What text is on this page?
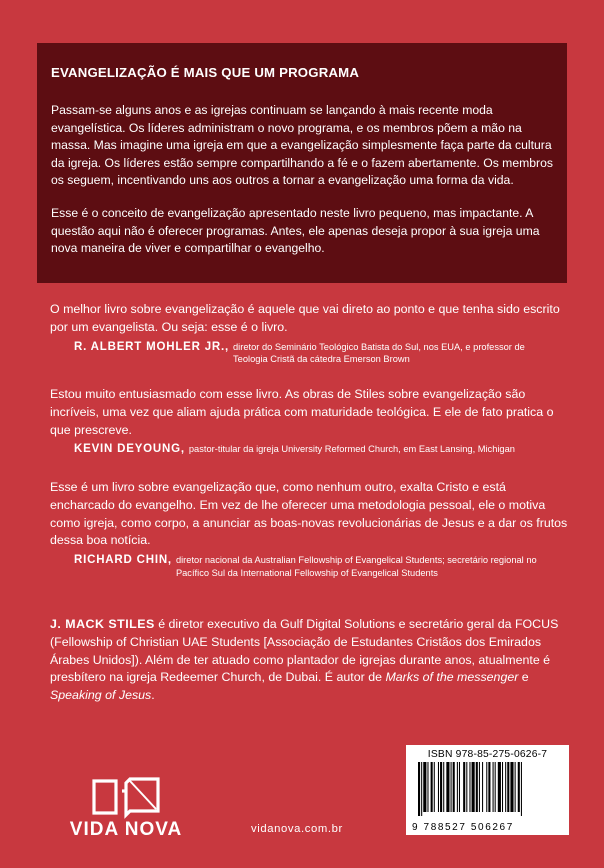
EVANGELIZAÇÃO É MAIS QUE UM PROGRAMA

Passam-se alguns anos e as igrejas continuam se lançando à mais recente moda evangelística. Os líderes administram o novo programa, e os membros põem a mão na massa. Mas imagine uma igreja em que a evangelização simplesmente faça parte da cultura da igreja. Os líderes estão sempre compartilhando a fé e o fazem abertamente. Os membros os seguem, incentivando uns aos outros a tornar a evangelização uma forma da vida.

Esse é o conceito de evangelização apresentado neste livro pequeno, mas impactante. A questão aqui não é oferecer programas. Antes, ele apenas deseja propor à sua igreja uma nova maneira de viver e compartilhar o evangelho.

O melhor livro sobre evangelização é aquele que vai direto ao ponto e que tenha sido escrito por um evangelista. Ou seja: esse é o livro.

R. ALBERT MOHLER JR., diretor do Seminário Teológico Batista do Sul, nos EUA, e professor de Teologia Cristã da cátedra Emerson Brown

Estou muito entusiasmado com esse livro. As obras de Stiles sobre evangelização são incríveis, uma vez que aliam ajuda prática com maturidade teológica. E ele de fato pratica o que prescreve.

KEVIN DEYOUNG, pastor-titular da igreja University Reformed Church, em East Lansing, Michigan

Esse é um livro sobre evangelização que, como nenhum outro, exalta Cristo e está encharcado do evangelho. Em vez de lhe oferecer uma metodologia pessoal, ele o motiva como igreja, como corpo, a anunciar as boas-novas revolucionárias de Jesus e a dar os frutos dessa boa notícia.

RICHARD CHIN, diretor nacional da Australian Fellowship of Evangelical Students; secretário regional no Pacífico Sul da International Fellowship of Evangelical Students

J. MACK STILES é diretor executivo da Gulf Digital Solutions e secretário geral da FOCUS (Fellowship of Christian UAE Students [Associação de Estudantes Cristãos dos Emirados Árabes Unidos]). Além de ter atuado como plantador de igrejas durante anos, atualmente é presbítero na igreja Redeemer Church, de Dubai. É autor de Marks of the messenger e Speaking of Jesus.

VIDA NOVA	vidanova.com.br
ISBN 978-85-275-0626-7
9 788527 506267
